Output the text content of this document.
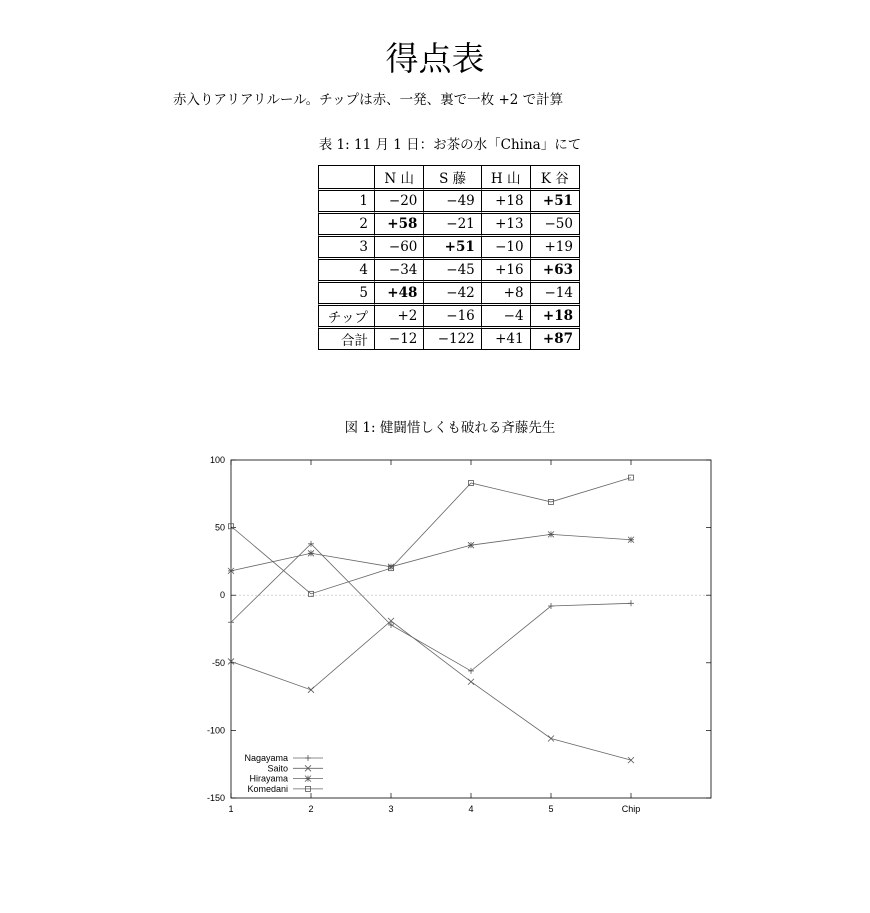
得点表
赤入りアリアリルール。チップは赤、一発、裏で一枚 +2 で計算
表 1: 11 月 1 日：お茶の水「China」にて
	N 山	S 藤	H 山	K 谷
1	−20	−49	+18	+51
2	+58	−21	+13	−50
3	−60	+51	−10	+19
4	−34	−45	+16	+63
5	+48	−42	+8	−14
チップ	+2	−16	−4	+18
合計	−12	−122	+41	+87
図 1: 健闘惜しくも破れる斉藤先生
100
50
0
-50
-100
-150
1	2	3	4	5	Chip
Nagayama
Saito
Hirayama
Komedani
